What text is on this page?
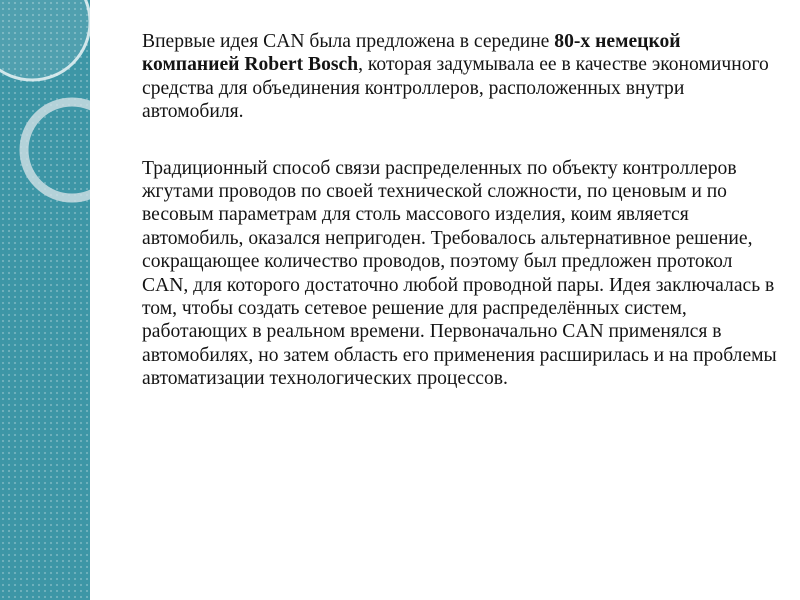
Впервые идея CAN была предложена в середине 80-х немецкой компанией Robert Bosch, которая задумывала ее в качестве экономичного средства для объединения контроллеров, расположенных внутри автомобиля.

Традиционный способ связи распределенных по объекту контроллеров жгутами проводов по своей технической сложности, по ценовым и по весовым параметрам для столь массового изделия, коим является автомобиль, оказался непригоден. Требовалось альтернативное решение, сокращающее количество проводов, поэтому был предложен протокол CAN, для которого достаточно любой проводной пары. Идея заключалась в том, чтобы создать сетевое решение для распределённых систем, работающих в реальном времени. Первоначально CAN применялся в автомобилях, но затем область его применения расширилась и на проблемы автоматизации технологических процессов.
